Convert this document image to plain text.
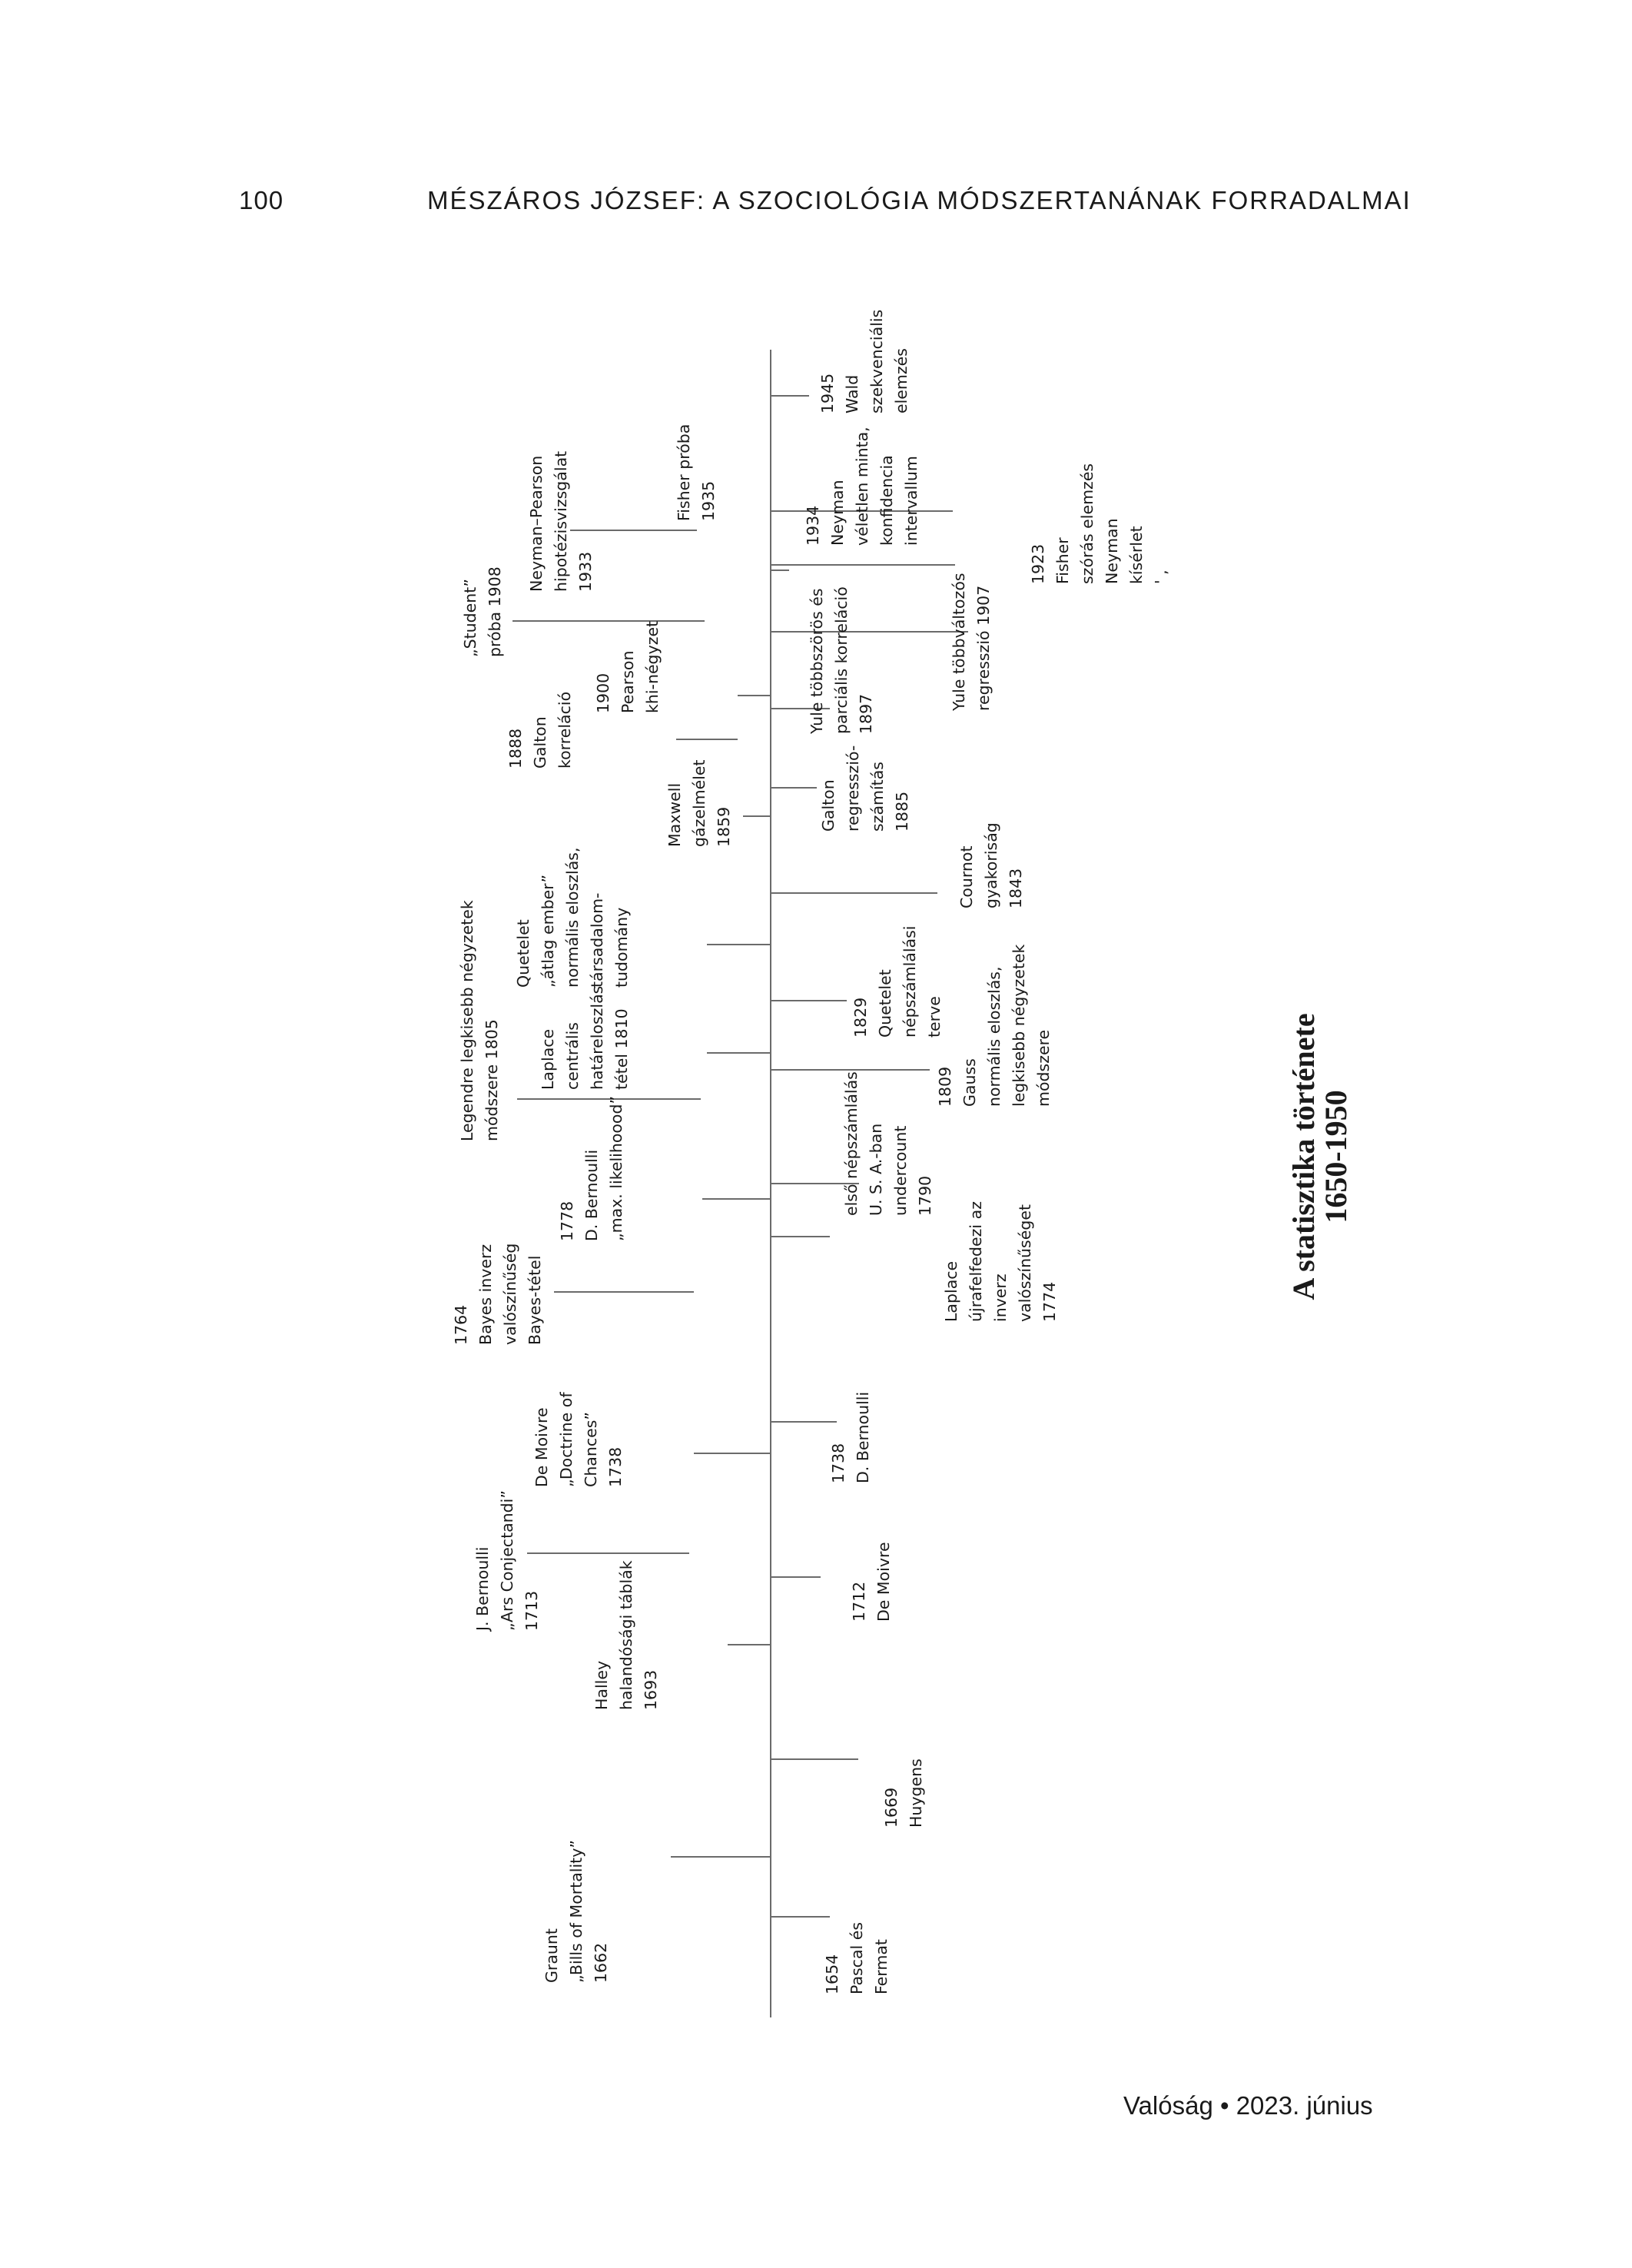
100	MÉSZÁROS JÓZSEF: A SZOCIOLÓGIA MÓDSZERTANÁNAK FORRADALMAI
1654 Pascal és Fermat
Graunt „Bills of Mortality” 1662
1669 Huygens
Halley halandósági táblák 1693
1712 De Moivre
J. Bernoulli „Ars Conjectandi” 1713
1738 D. Bernoulli
De Moivre „Doctrine of Chances” 1738
1764 Bayes inverz valószínűség Bayes-tétel	Laplace újrafelfedezi az inverz valószínűséget 1774
1778 D. Bernoulli „max. likelihoood”	első népszámlálás U. S. A.-ban undercount 1790
Legendre legkisebb négyzetek módszere 1805	1809 Gauss normális eloszlás, legkisebb négyzetek módszere
Laplace centrális határeloszlás tétel 1810	1829 Quetelet népszámlálási terve
Quetelet „átlag ember” normális eloszlás, társadalom- tudomány
Cournot gyakoriság 1843
Maxwell gázelmélet 1859	Galton regresszió- számítás 1885
1888 Galton korreláció	Yule többszörös és parciális korreláció 1897
1900 Pearson khi-négyzet	Yule többváltozós regresszió 1907
„Student” próba 1908
1923 Fisher szórás elemzés Neyman kísérlet ' ,
Neyman–Pearson hipotézisvizsgálat 1933
1934 Neyman véletlen minta, konfidencia intervallum
Fisher próba 1935
1945 Wald szekvenciális elemzés
A statisztika története
1650-1950
Valóság • 2023. június
